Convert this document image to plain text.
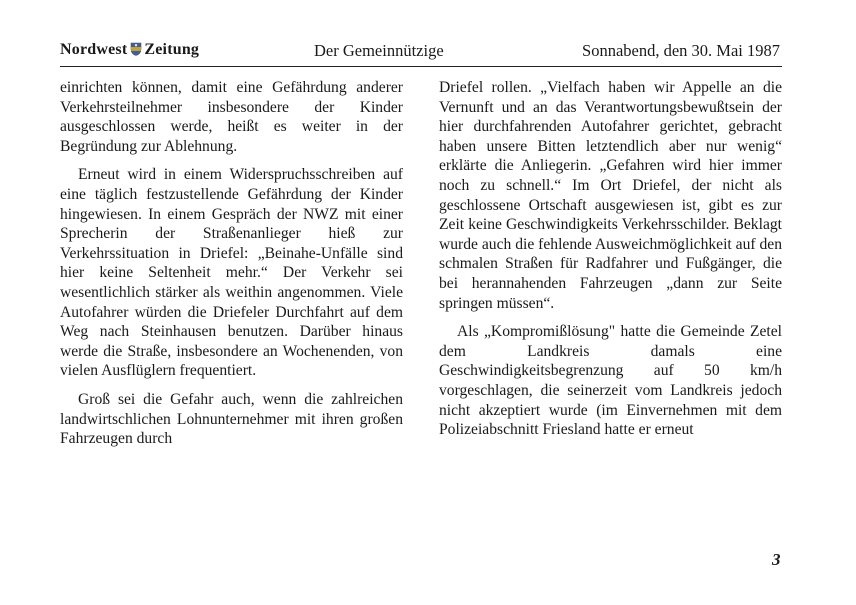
Nordwest Zeitung	Der Gemeinnützige	Sonnabend, den 30. Mai 1987

einrichten können, damit eine Gefährdung anderer Verkehrsteilnehmer insbesondere der Kinder ausgeschlossen werde, heißt es weiter in der Begründung zur Ablehnung.

Erneut wird in einem Widerspruchsschreiben auf eine täglich festzustellende Gefährdung der Kinder hingewiesen. In einem Gespräch der NWZ mit einer Sprecherin der Straßenanlieger hieß zur Verkehrssituation in Driefel: „Beinahe-Unfälle sind hier keine Seltenheit mehr.“ Der Verkehr sei wesentlichlich stärker als weithin angenommen. Viele Autofahrer würden die Driefeler Durchfahrt auf dem Weg nach Steinhausen benutzen. Darüber hinaus werde die Straße, insbesondere an Wochenenden, von vielen Ausflüglern frequentiert.

Groß sei die Gefahr auch, wenn die zahlreichen landwirtschlichen Lohnunternehmer mit ihren großen Fahrzeugen durch

Driefel rollen. „Vielfach haben wir Appelle an die Vernunft und an das Verantwortungsbewußtsein der hier durchfahrenden Autofahrer gerichtet, gebracht haben unsere Bitten letztendlich aber nur wenig“ erklärte die Anliegerin. „Gefahren wird hier immer noch zu schnell.“ Im Ort Driefel, der nicht als geschlossene Ortschaft ausgewiesen ist, gibt es zur Zeit keine Geschwindigkeits Verkehrsschilder. Beklagt wurde auch die fehlende Ausweichmöglichkeit auf den schmalen Straßen für Radfahrer und Fußgänger, die bei herannahenden Fahrzeugen „dann zur Seite springen müssen“.

Als „Kompromißlösung" hatte die Gemeinde Zetel dem Landkreis damals eine Geschwindigkeitsbegrenzung auf 50 km/h vorgeschlagen, die seinerzeit vom Landkreis jedoch nicht akzeptiert wurde (im Einvernehmen mit dem Polizeiabschnitt Friesland hatte er erneut

3
